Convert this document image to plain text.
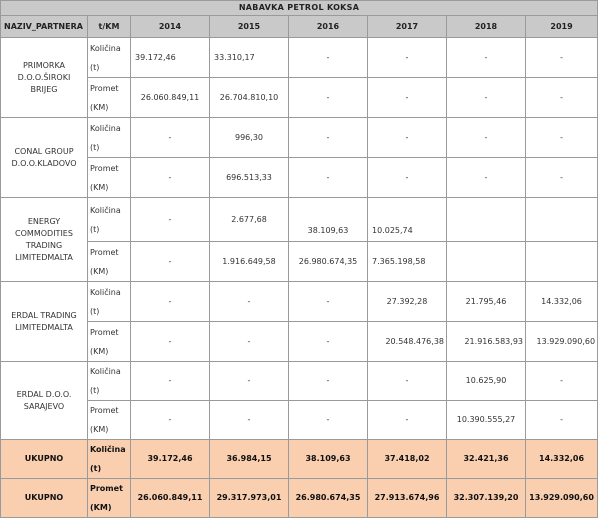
NABAVKA PETROL KOKSA							
NAZIV_PARTNERA	t/KM	2014	2015	2016	2017	2018	2019
PRIMORKA D.O.O.ŠIROKI BRIJEG	Količina (t)	39.172,46	33.310,17	-	-	-	-
	Promet (KM)	26.060.849,11	26.704.810,10	-	-	-	-
CONAL GROUP D.O.O.KLADOVO	Količina (t)	-	996,30	-	-	-	-
	Promet (KM)	-	696.513,33	-	-	-	-
ENERGY COMMODITIES TRADING LIMITEDMALTA	Količina (t)	-	2.677,68	38.109,63	10.025,74		
	Promet (KM)	-	1.916.649,58	26.980.674,35	7.365.198,58		
ERDAL TRADING LIMITEDMALTA	Količina (t)	-	-	-	27.392,28	21.795,46	14.332,06
	Promet (KM)	-	-	-	20.548.476,38	21.916.583,93	13.929.090,60
ERDAL D.O.O. SARAJEVO	Količina (t)	-	-	-	-	10.625,90	-
	Promet (KM)	-	-	-	-	10.390.555,27	-
UKUPNO	Količina (t)	39.172,46	36.984,15	38.109,63	37.418,02	32.421,36	14.332,06
UKUPNO	Promet (KM)	26.060.849,11	29.317.973,01	26.980.674,35	27.913.674,96	32.307.139,20	13.929.090,60
